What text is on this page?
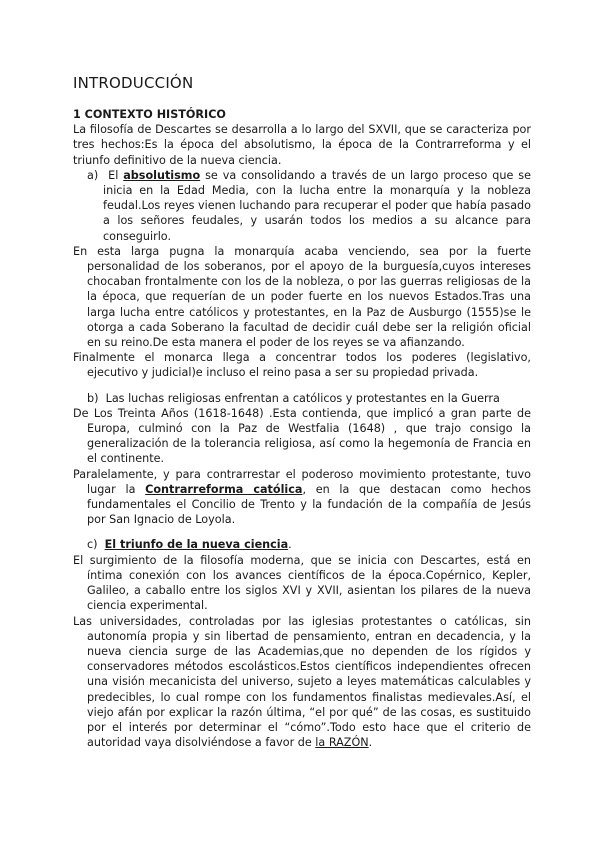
INTRODUCCIÓN

1 CONTEXTO HISTÓRICO

La filosofía de Descartes se desarrolla a lo largo del SXVII, que se caracteriza por tres hechos:Es la época del absolutismo, la época de la Contrarreforma y el triunfo definitivo de la nueva ciencia.

a) El absolutismo se va consolidando a través de un largo proceso que se inicia en la Edad Media, con la lucha entre la monarquía y la nobleza feudal.Los reyes vienen luchando para recuperar el poder que había pasado a los señores feudales, y usarán todos los medios a su alcance para conseguirlo.

En esta larga pugna la monarquía acaba venciendo, sea por la fuerte personalidad de los soberanos, por el apoyo de la burguesía,cuyos intereses chocaban frontalmente con los de la nobleza, o por las guerras religiosas de la la época, que requerían de un poder fuerte en los nuevos Estados.Tras una larga lucha entre católicos y protestantes, en la Paz de Ausburgo (1555)se le otorga a cada Soberano la facultad de decidir cuál debe ser la religión oficial en su reino.De esta manera el poder de los reyes se va afianzando.

Finalmente el monarca llega a concentrar todos los poderes (legislativo, ejecutivo y judicial)e incluso el reino pasa a ser su propiedad privada.

b) Las luchas religiosas enfrentan a católicos y protestantes en la Guerra

De Los Treinta Años (1618-1648) .Esta contienda, que implicó a gran parte de Europa, culminó con la Paz de Westfalia (1648) , que trajo consigo la generalización de la tolerancia religiosa, así como la hegemonía de Francia en el continente.

Paralelamente, y para contrarrestar el poderoso movimiento protestante, tuvo lugar la Contrarreforma católica, en la que destacan como hechos fundamentales el Concilio de Trento y la fundación de la compañía de Jesús por San Ignacio de Loyola.

c) El triunfo de la nueva ciencia.

El surgimiento de la filosofía moderna, que se inicia con Descartes, está en íntima conexión con los avances científicos de la época.Copérnico, Kepler, Galileo, a caballo entre los siglos XVI y XVII, asientan los pilares de la nueva ciencia experimental.

Las universidades, controladas por las iglesias protestantes o católicas, sin autonomía propia y sin libertad de pensamiento, entran en decadencia, y la nueva ciencia surge de las Academias,que no dependen de los rígidos y conservadores métodos escolásticos.Estos científicos independientes ofrecen una visión mecanicista del universo, sujeto a leyes matemáticas calculables y predecibles, lo cual rompe con los fundamentos finalistas medievales.Así, el viejo afán por explicar la razón última, “el por qué” de las cosas, es sustituido por el interés por determinar el “cómo”.Todo esto hace que el criterio de autoridad vaya disolviéndose a favor de la RAZÓN.
